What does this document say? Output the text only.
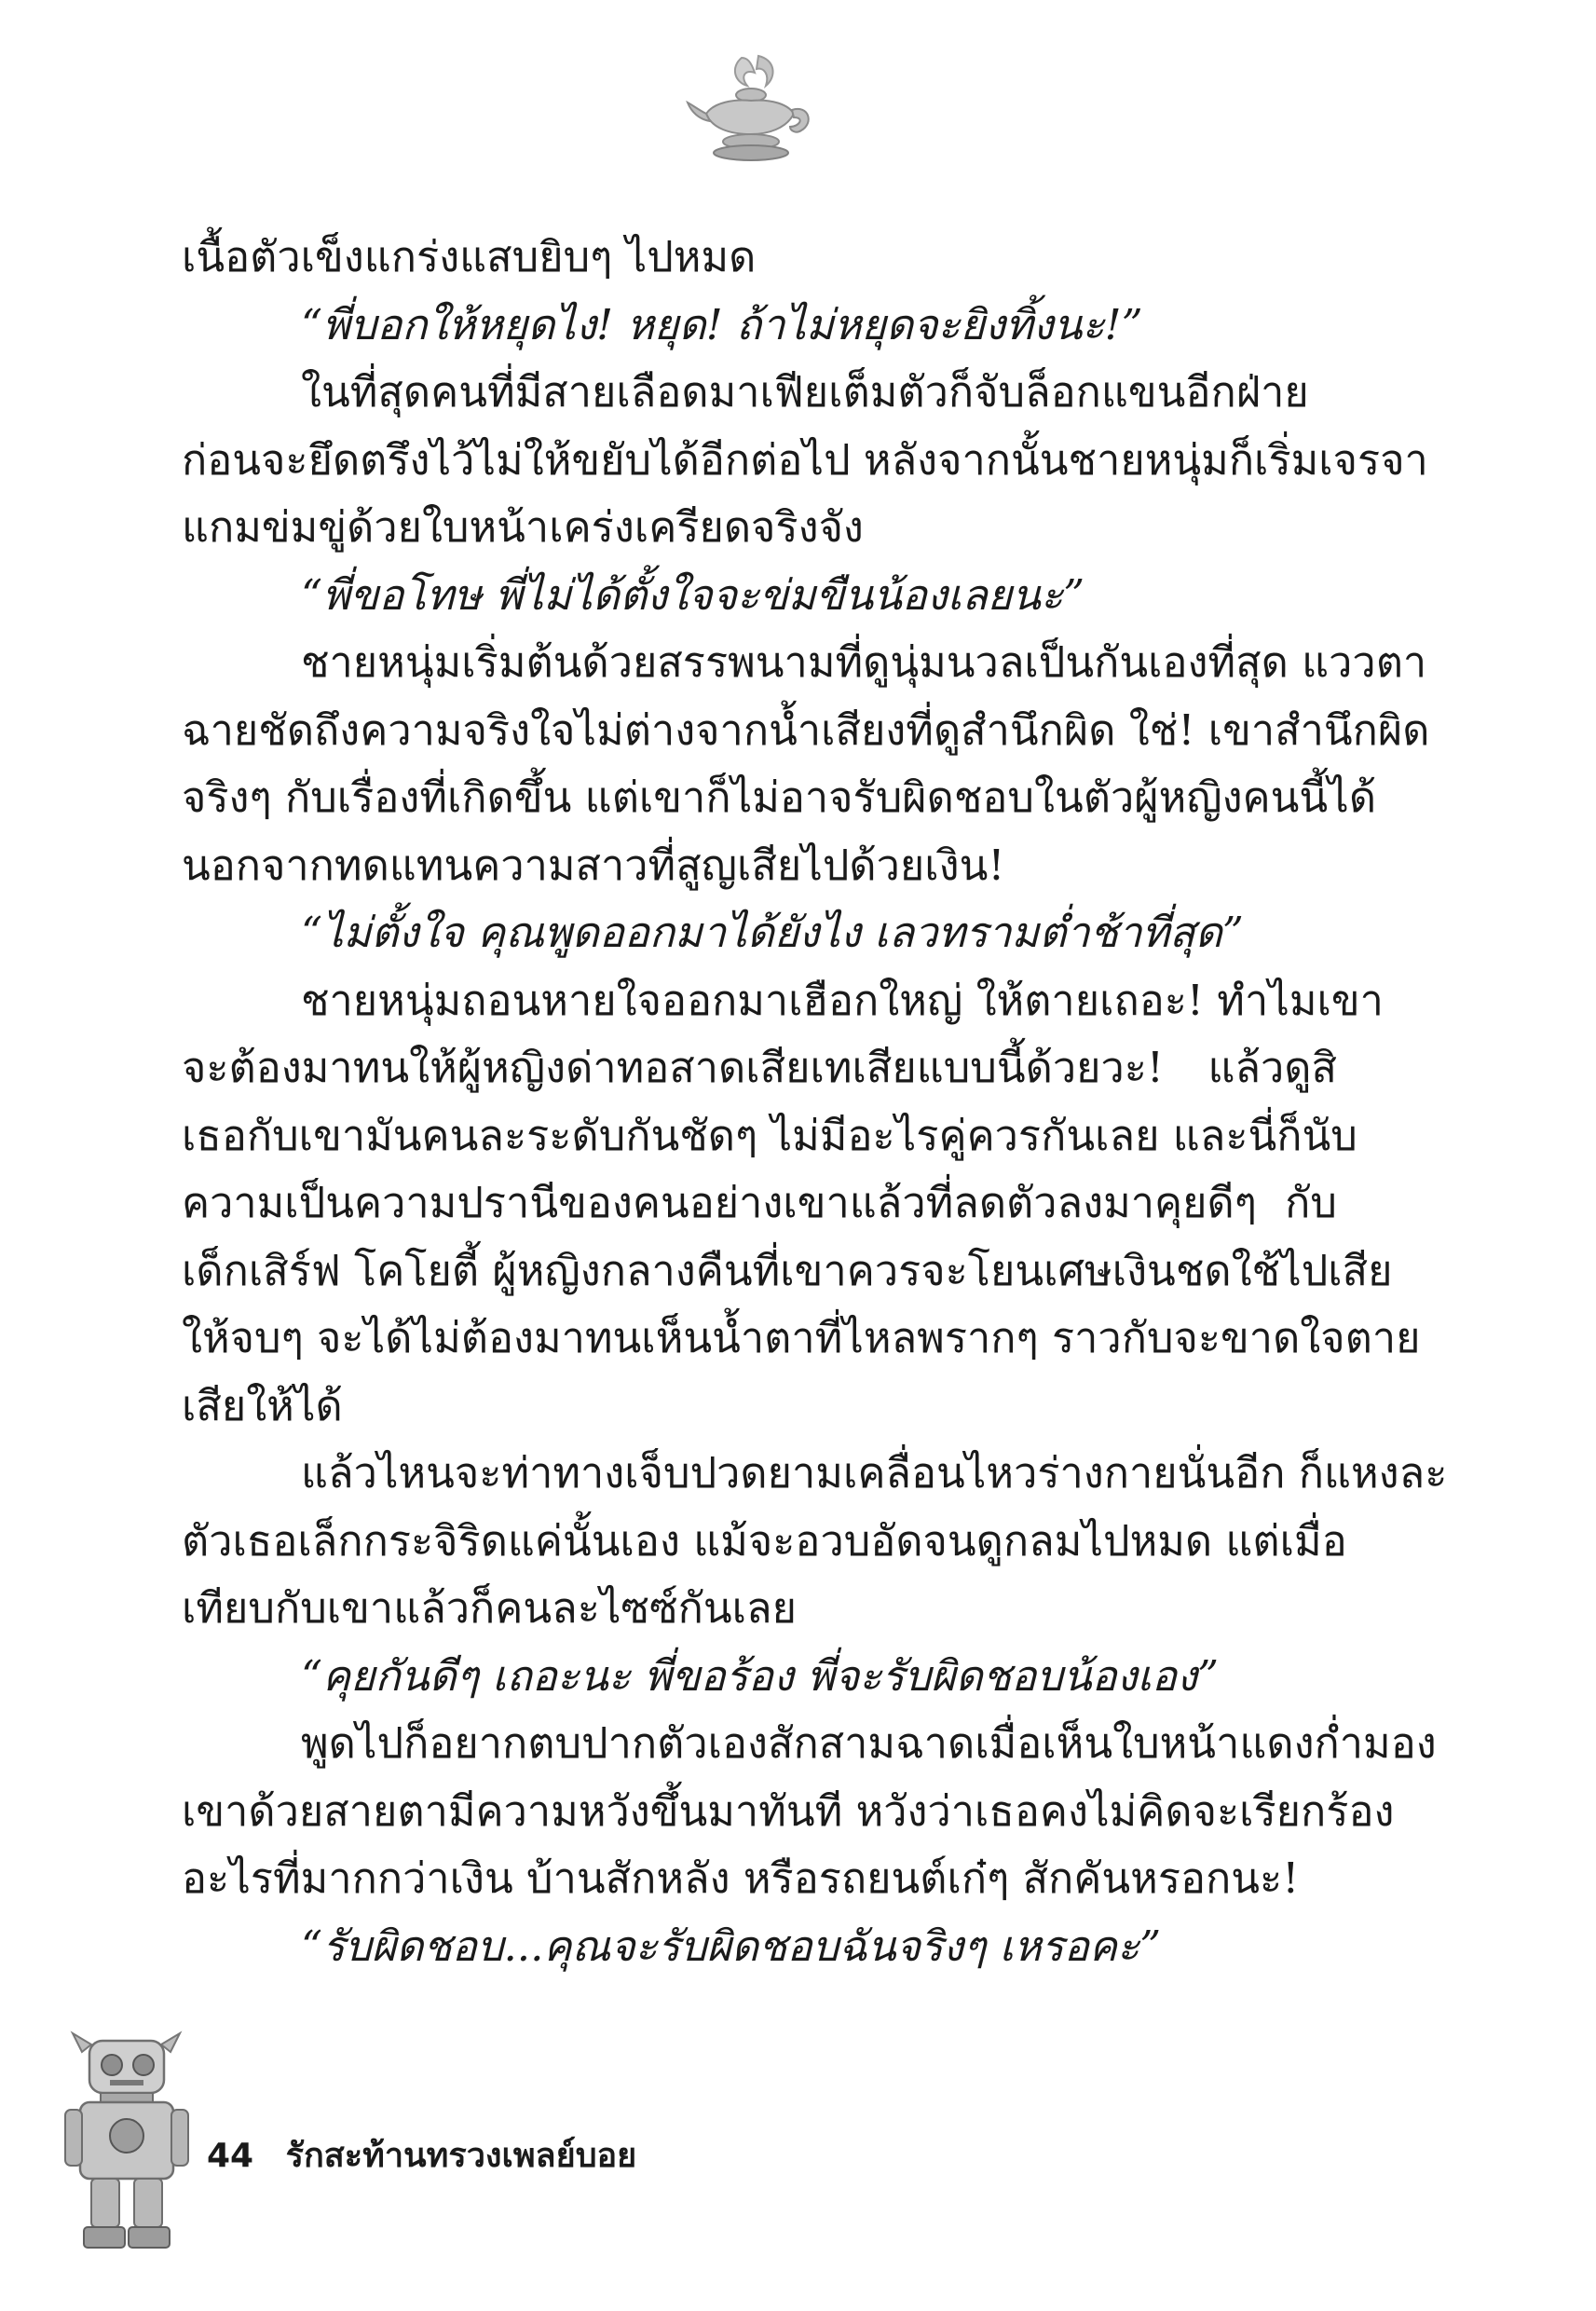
เนื้อตัวเข็งแกร่งแสบยิบๆ ไปหมด
“พี่บอกให้หยุดไง! หยุด! ถ้าไม่หยุดจะยิงทิ้งนะ!”
ในที่สุดคนที่มีสายเลือดมาเฟียเต็มตัวก็จับล็อกแขนอีกฝ่าย
ก่อนจะยึดตรึงไว้ไม่ให้ขยับได้อีกต่อไป หลังจากนั้นชายหนุ่มก็เริ่มเจรจา
แกมข่มขู่ด้วยใบหน้าเคร่งเครียดจริงจัง
“พี่ขอโทษ พี่ไม่ได้ตั้งใจจะข่มขืนน้องเลยนะ”
ชายหนุ่มเริ่มต้นด้วยสรรพนามที่ดูนุ่มนวลเป็นกันเองที่สุด แววตา
ฉายชัดถึงความจริงใจไม่ต่างจากน้ำเสียงที่ดูสำนึกผิด ใช่! เขาสำนึกผิด
จริงๆ กับเรื่องที่เกิดขึ้น แต่เขาก็ไม่อาจรับผิดชอบในตัวผู้หญิงคนนี้ได้
นอกจากทดแทนความสาวที่สูญเสียไปด้วยเงิน!
“ไม่ตั้งใจ คุณพูดออกมาได้ยังไง เลวทรามต่ำช้าที่สุด”
ชายหนุ่มถอนหายใจออกมาเฮือกใหญ่ ให้ตายเถอะ! ทำไมเขา
จะต้องมาทนให้ผู้หญิงด่าทอสาดเสียเทเสียแบบนี้ด้วยวะ! แล้วดูสิ
เธอกับเขามันคนละระดับกันชัดๆ ไม่มีอะไรคู่ควรกันเลย และนี่ก็นับ
ความเป็นความปรานีของคนอย่างเขาแล้วที่ลดตัวลงมาคุยดีๆ กับ
เด็กเสิร์ฟ โคโยตี้ ผู้หญิงกลางคืนที่เขาควรจะโยนเศษเงินชดใช้ไปเสีย
ให้จบๆ จะได้ไม่ต้องมาทนเห็นน้ำตาที่ไหลพรากๆ ราวกับจะขาดใจตาย
เสียให้ได้
แล้วไหนจะท่าทางเจ็บปวดยามเคลื่อนไหวร่างกายนั่นอีก ก็แหงละ
ตัวเธอเล็กกระจิริดแค่นั้นเอง แม้จะอวบอัดจนดูกลมไปหมด แต่เมื่อ
เทียบกับเขาแล้วก็คนละไซซ์กันเลย
“คุยกันดีๆ เถอะนะ พี่ขอร้อง พี่จะรับผิดชอบน้องเอง”
พูดไปก็อยากตบปากตัวเองสักสามฉาดเมื่อเห็นใบหน้าแดงก่ำมอง
เขาด้วยสายตามีความหวังขึ้นมาทันที หวังว่าเธอคงไม่คิดจะเรียกร้อง
อะไรที่มากกว่าเงิน บ้านสักหลัง หรือรถยนต์เก๋ๆ สักคันหรอกนะ!
“รับผิดชอบ...คุณจะรับผิดชอบฉันจริงๆ เหรอคะ”
44 รักสะท้านทรวงเพลย์บอย
